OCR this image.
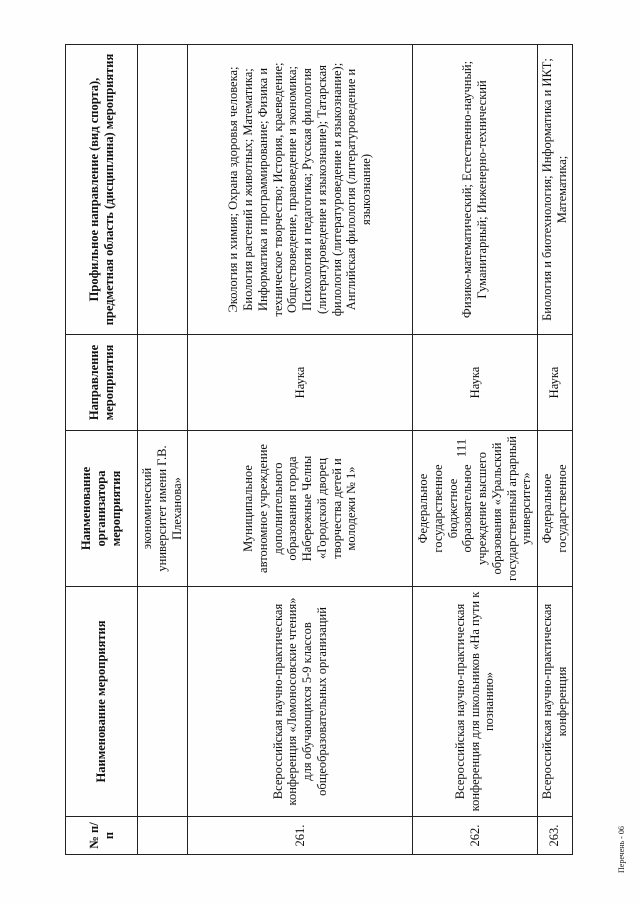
111
№ п/п	Наименование мероприятия	Наименование организатора мероприятия	Направление мероприятия	Профильное направление (вид спорта), предметная область (дисциплина) мероприятия
		экономический университет имени Г.В. Плеханова»		
261.	Всероссийская научно-практическая конференция «Ломоносовские чтения» для обучающихся 5-9 классов общеобразовательных организаций	Муниципальное автономное учреждение дополнительного образования города Набережные Челны «Городской дворец творчества детей и молодежи № 1»	Наука	Экология и химия; Охрана здоровья человека; Биология растений и животных; Математика; Информатика и программирование; Физика и техническое творчество; История, краеведение; Обществоведение, правоведение и экономика; Психология и педагогика; Русская филология (литературоведение и языкознание); Татарская филология (литературоведение и языкознание); Английская филология (литературоведение и языкознание)
262.	Всероссийская научно-практическая конференция для школьников «На пути к познанию»	Федеральное государственное бюджетное образовательное учреждение высшего образования «Уральский государственный аграрный университет»	Наука	Физико-математический; Естественно-научный; Гуманитарный; Инженерно-технический
263.	Всероссийская научно-практическая конференция	Федеральное государственное	Наука	Биология и биотехнология; Информатика и ИКТ; Математика;
Перечень - 06
